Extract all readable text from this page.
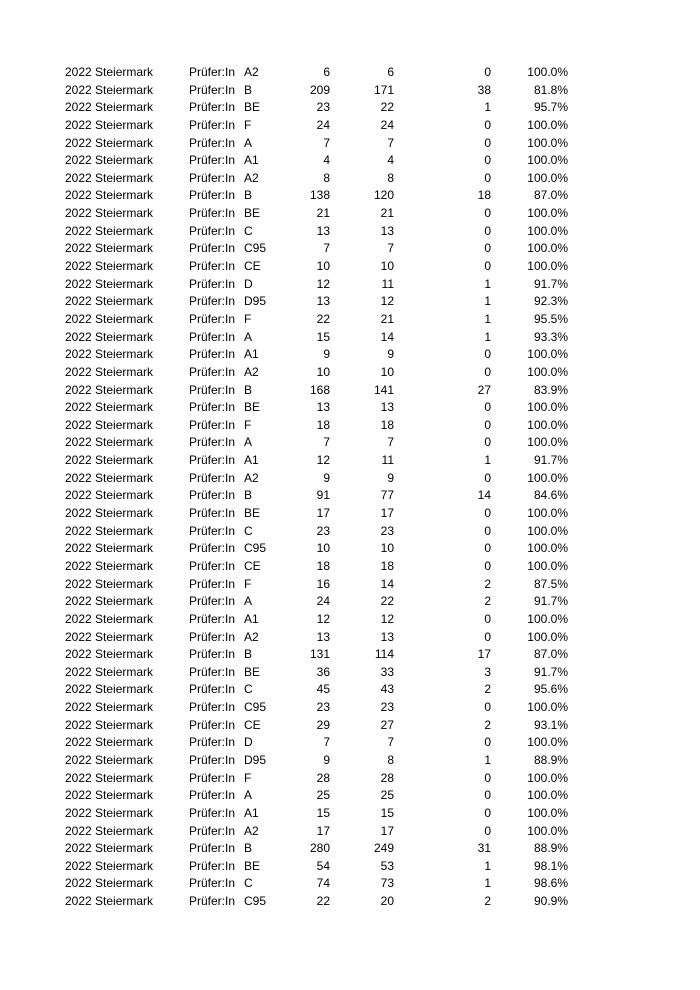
2022 Steiermark	Prüfer:In A2	6	6	0	100.0%
2022 Steiermark	Prüfer:In B	209	171	38	81.8%
2022 Steiermark	Prüfer:In BE	23	22	1	95.7%
2022 Steiermark	Prüfer:In F	24	24	0	100.0%
2022 Steiermark	Prüfer:In A	7	7	0	100.0%
2022 Steiermark	Prüfer:In A1	4	4	0	100.0%
2022 Steiermark	Prüfer:In A2	8	8	0	100.0%
2022 Steiermark	Prüfer:In B	138	120	18	87.0%
2022 Steiermark	Prüfer:In BE	21	21	0	100.0%
2022 Steiermark	Prüfer:In C	13	13	0	100.0%
2022 Steiermark	Prüfer:In C95	7	7	0	100.0%
2022 Steiermark	Prüfer:In CE	10	10	0	100.0%
2022 Steiermark	Prüfer:In D	12	11	1	91.7%
2022 Steiermark	Prüfer:In D95	13	12	1	92.3%
2022 Steiermark	Prüfer:In F	22	21	1	95.5%
2022 Steiermark	Prüfer:In A	15	14	1	93.3%
2022 Steiermark	Prüfer:In A1	9	9	0	100.0%
2022 Steiermark	Prüfer:In A2	10	10	0	100.0%
2022 Steiermark	Prüfer:In B	168	141	27	83.9%
2022 Steiermark	Prüfer:In BE	13	13	0	100.0%
2022 Steiermark	Prüfer:In F	18	18	0	100.0%
2022 Steiermark	Prüfer:In A	7	7	0	100.0%
2022 Steiermark	Prüfer:In A1	12	11	1	91.7%
2022 Steiermark	Prüfer:In A2	9	9	0	100.0%
2022 Steiermark	Prüfer:In B	91	77	14	84.6%
2022 Steiermark	Prüfer:In BE	17	17	0	100.0%
2022 Steiermark	Prüfer:In C	23	23	0	100.0%
2022 Steiermark	Prüfer:In C95	10	10	0	100.0%
2022 Steiermark	Prüfer:In CE	18	18	0	100.0%
2022 Steiermark	Prüfer:In F	16	14	2	87.5%
2022 Steiermark	Prüfer:In A	24	22	2	91.7%
2022 Steiermark	Prüfer:In A1	12	12	0	100.0%
2022 Steiermark	Prüfer:In A2	13	13	0	100.0%
2022 Steiermark	Prüfer:In B	131	114	17	87.0%
2022 Steiermark	Prüfer:In BE	36	33	3	91.7%
2022 Steiermark	Prüfer:In C	45	43	2	95.6%
2022 Steiermark	Prüfer:In C95	23	23	0	100.0%
2022 Steiermark	Prüfer:In CE	29	27	2	93.1%
2022 Steiermark	Prüfer:In D	7	7	0	100.0%
2022 Steiermark	Prüfer:In D95	9	8	1	88.9%
2022 Steiermark	Prüfer:In F	28	28	0	100.0%
2022 Steiermark	Prüfer:In A	25	25	0	100.0%
2022 Steiermark	Prüfer:In A1	15	15	0	100.0%
2022 Steiermark	Prüfer:In A2	17	17	0	100.0%
2022 Steiermark	Prüfer:In B	280	249	31	88.9%
2022 Steiermark	Prüfer:In BE	54	53	1	98.1%
2022 Steiermark	Prüfer:In C	74	73	1	98.6%
2022 Steiermark	Prüfer:In C95	22	20	2	90.9%
